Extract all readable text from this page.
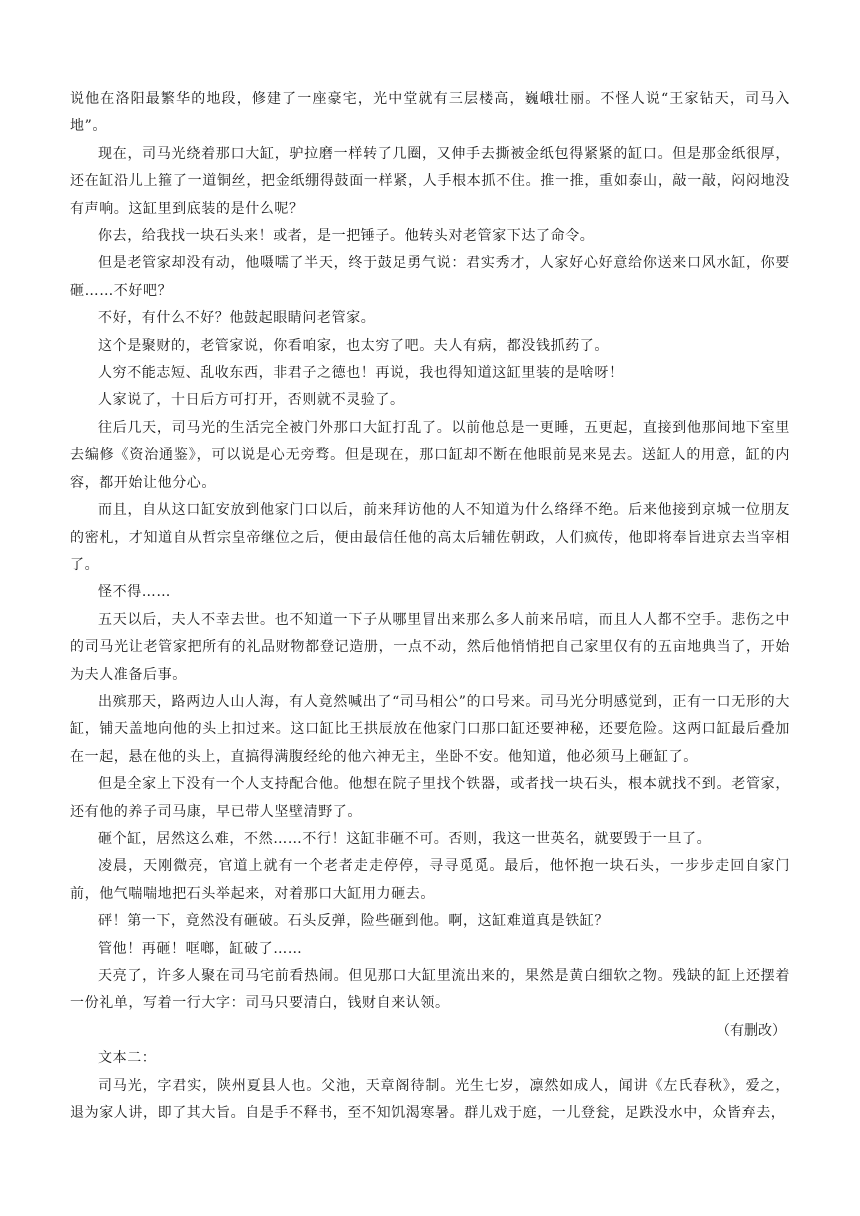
说他在洛阳最繁华的地段，修建了一座豪宅，光中堂就有三层楼高，巍峨壮丽。不怪人说“王家钻天，司马入地”。

现在，司马光绕着那口大缸，驴拉磨一样转了几圈，又伸手去撕被金纸包得紧紧的缸口。但是那金纸很厚，还在缸沿儿上箍了一道铜丝，把金纸绷得鼓面一样紧，人手根本抓不住。推一推，重如泰山，敲一敲，闷闷地没有声响。这缸里到底装的是什么呢？

你去，给我找一块石头来！或者，是一把锤子。他转头对老管家下达了命令。

但是老管家却没有动，他嗫嚅了半天，终于鼓足勇气说：君实秀才，人家好心好意给你送来口风水缸，你要砸……不好吧？

不好，有什么不好？他鼓起眼睛问老管家。

这个是聚财的，老管家说，你看咱家，也太穷了吧。夫人有病，都没钱抓药了。

人穷不能志短、乱收东西，非君子之德也！再说，我也得知道这缸里装的是啥呀！

人家说了，十日后方可打开，否则就不灵验了。

往后几天，司马光的生活完全被门外那口大缸打乱了。以前他总是一更睡，五更起，直接到他那间地下室里去编修《资治通鉴》，可以说是心无旁骛。但是现在，那口缸却不断在他眼前晃来晃去。送缸人的用意，缸的内容，都开始让他分心。

而且，自从这口缸安放到他家门口以后，前来拜访他的人不知道为什么络绎不绝。后来他接到京城一位朋友的密札，才知道自从哲宗皇帝继位之后，便由最信任他的高太后辅佐朝政，人们疯传，他即将奉旨进京去当宰相了。

怪不得……

五天以后，夫人不幸去世。也不知道一下子从哪里冒出来那么多人前来吊唁，而且人人都不空手。悲伤之中的司马光让老管家把所有的礼品财物都登记造册，一点不动，然后他悄悄把自己家里仅有的五亩地典当了，开始为夫人准备后事。

出殡那天，路两边人山人海，有人竟然喊出了“司马相公”的口号来。司马光分明感觉到，正有一口无形的大缸，铺天盖地向他的头上扣过来。这口缸比王拱辰放在他家门口那口缸还要神秘，还要危险。这两口缸最后叠加在一起，悬在他的头上，直搞得满腹经纶的他六神无主，坐卧不安。他知道，他必须马上砸缸了。

但是全家上下没有一个人支持配合他。他想在院子里找个铁器，或者找一块石头，根本就找不到。老管家，还有他的养子司马康，早已带人坚壁清野了。

砸个缸，居然这么难，不然……不行！这缸非砸不可。否则，我这一世英名，就要毁于一旦了。

凌晨，天刚微亮，官道上就有一个老者走走停停，寻寻觅觅。最后，他怀抱一块石头，一步步走回自家门前，他气喘喘地把石头举起来，对着那口大缸用力砸去。

砰！第一下，竟然没有砸破。石头反弹，险些砸到他。啊，这缸难道真是铁缸？

管他！再砸！哐啷，缸破了……

天亮了，许多人聚在司马宅前看热闹。但见那口大缸里流出来的，果然是黄白细软之物。残缺的缸上还摆着一份礼单，写着一行大字：司马只要清白，钱财自来认领。

（有删改）

文本二：

司马光，字君实，陕州夏县人也。父池，天章阁待制。光生七岁，凛然如成人，闻讲《左氏春秋》，爱之，退为家人讲，即了其大旨。自是手不释书，至不知饥渴寒暑。群儿戏于庭，一儿登瓮，足跌没水中，众皆弃去，
